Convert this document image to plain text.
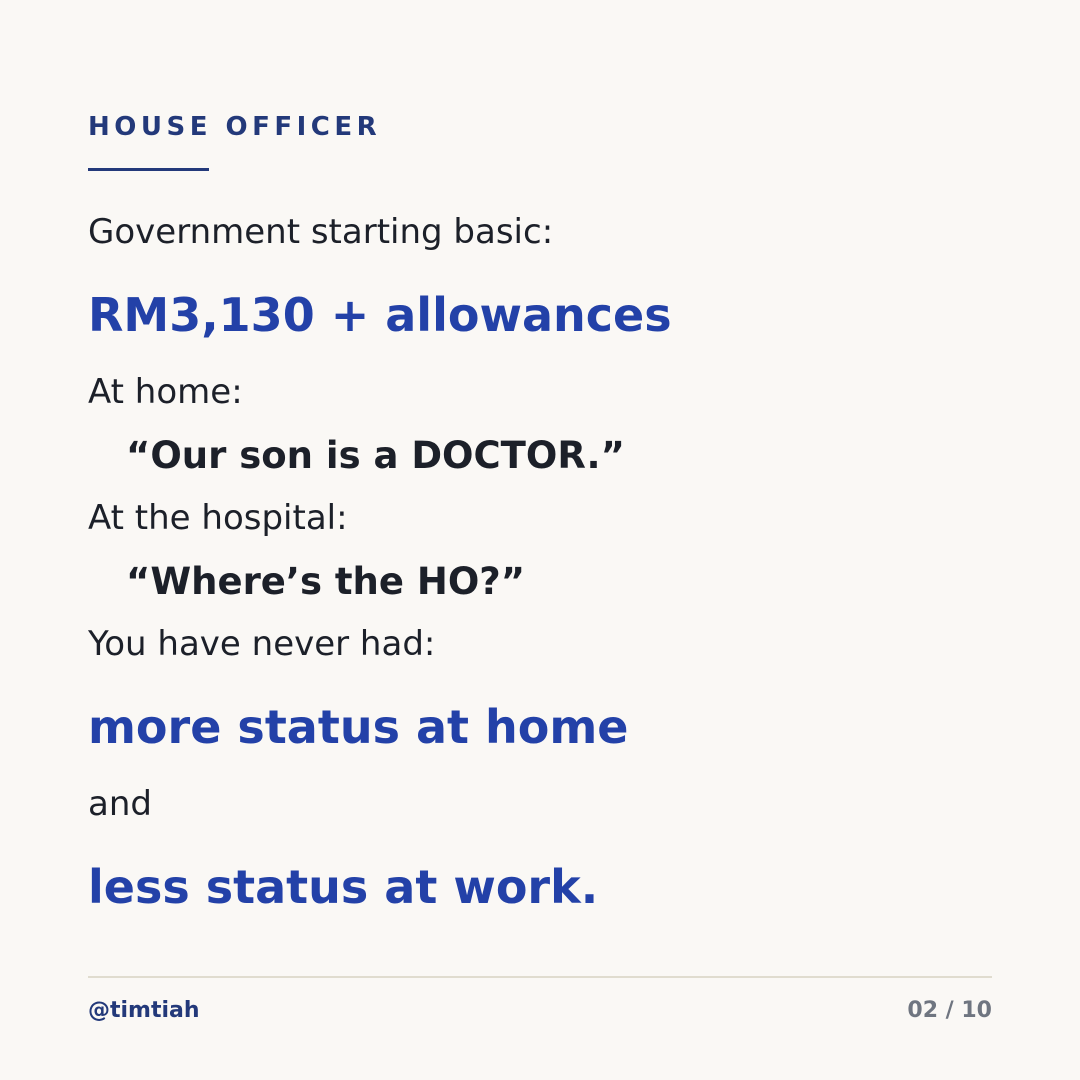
HOUSE OFFICER
Government starting basic:
RM3,130 + allowances
At home:
“Our son is a DOCTOR.”
At the hospital:
“Where’s the HO?”
You have never had:
more status at home
and
less status at work.
@timtiah	02 / 10
